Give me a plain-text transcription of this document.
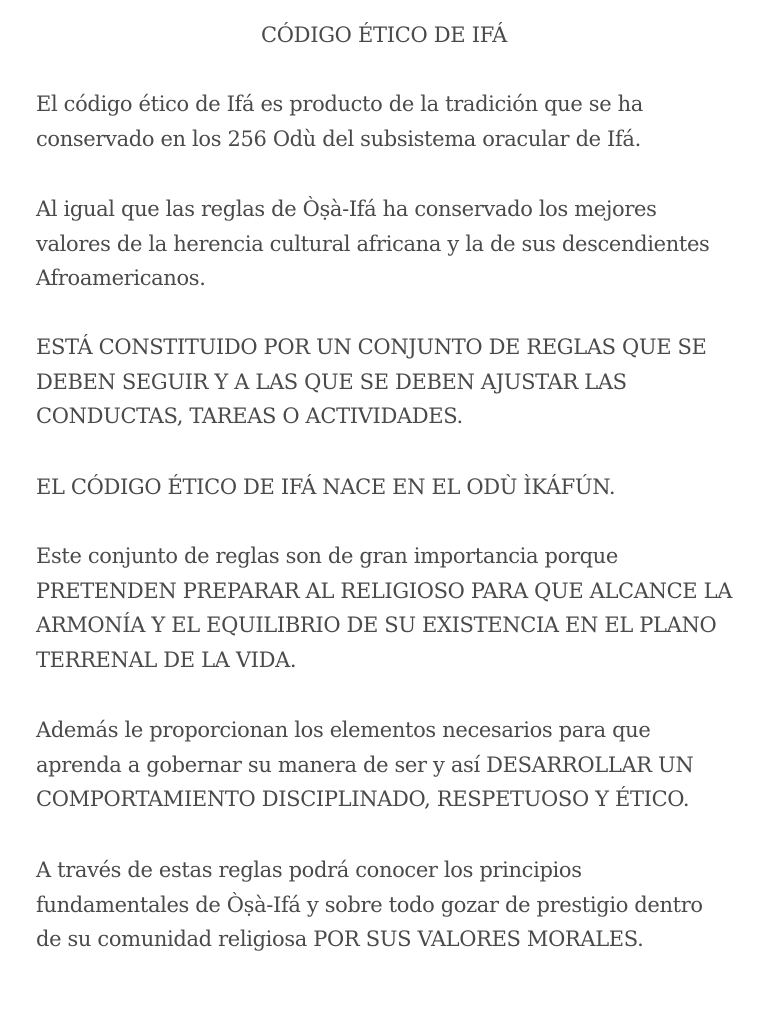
CÓDIGO ÉTICO DE IFÁ

El código ético de Ifá es producto de la tradición que se ha
conservado en los 256 Odù del subsistema oracular de Ifá.

Al igual que las reglas de Òṣà-Ifá ha conservado los mejores
valores de la herencia cultural africana y la de sus descendientes
Afroamericanos.

ESTÁ CONSTITUIDO POR UN CONJUNTO DE REGLAS QUE SE
DEBEN SEGUIR Y A LAS QUE SE DEBEN AJUSTAR LAS
CONDUCTAS, TAREAS O ACTIVIDADES.

EL CÓDIGO ÉTICO DE IFÁ NACE EN EL ODÙ ÌKÁFÚN.

Este conjunto de reglas son de gran importancia porque
PRETENDEN PREPARAR AL RELIGIOSO PARA QUE ALCANCE LA
ARMONÍA Y EL EQUILIBRIO DE SU EXISTENCIA EN EL PLANO
TERRENAL DE LA VIDA.

Además le proporcionan los elementos necesarios para que
aprenda a gobernar su manera de ser y así DESARROLLAR UN
COMPORTAMIENTO DISCIPLINADO, RESPETUOSO Y ÉTICO.

A través de estas reglas podrá conocer los principios
fundamentales de Òṣà-Ifá y sobre todo gozar de prestigio dentro
de su comunidad religiosa POR SUS VALORES MORALES.
